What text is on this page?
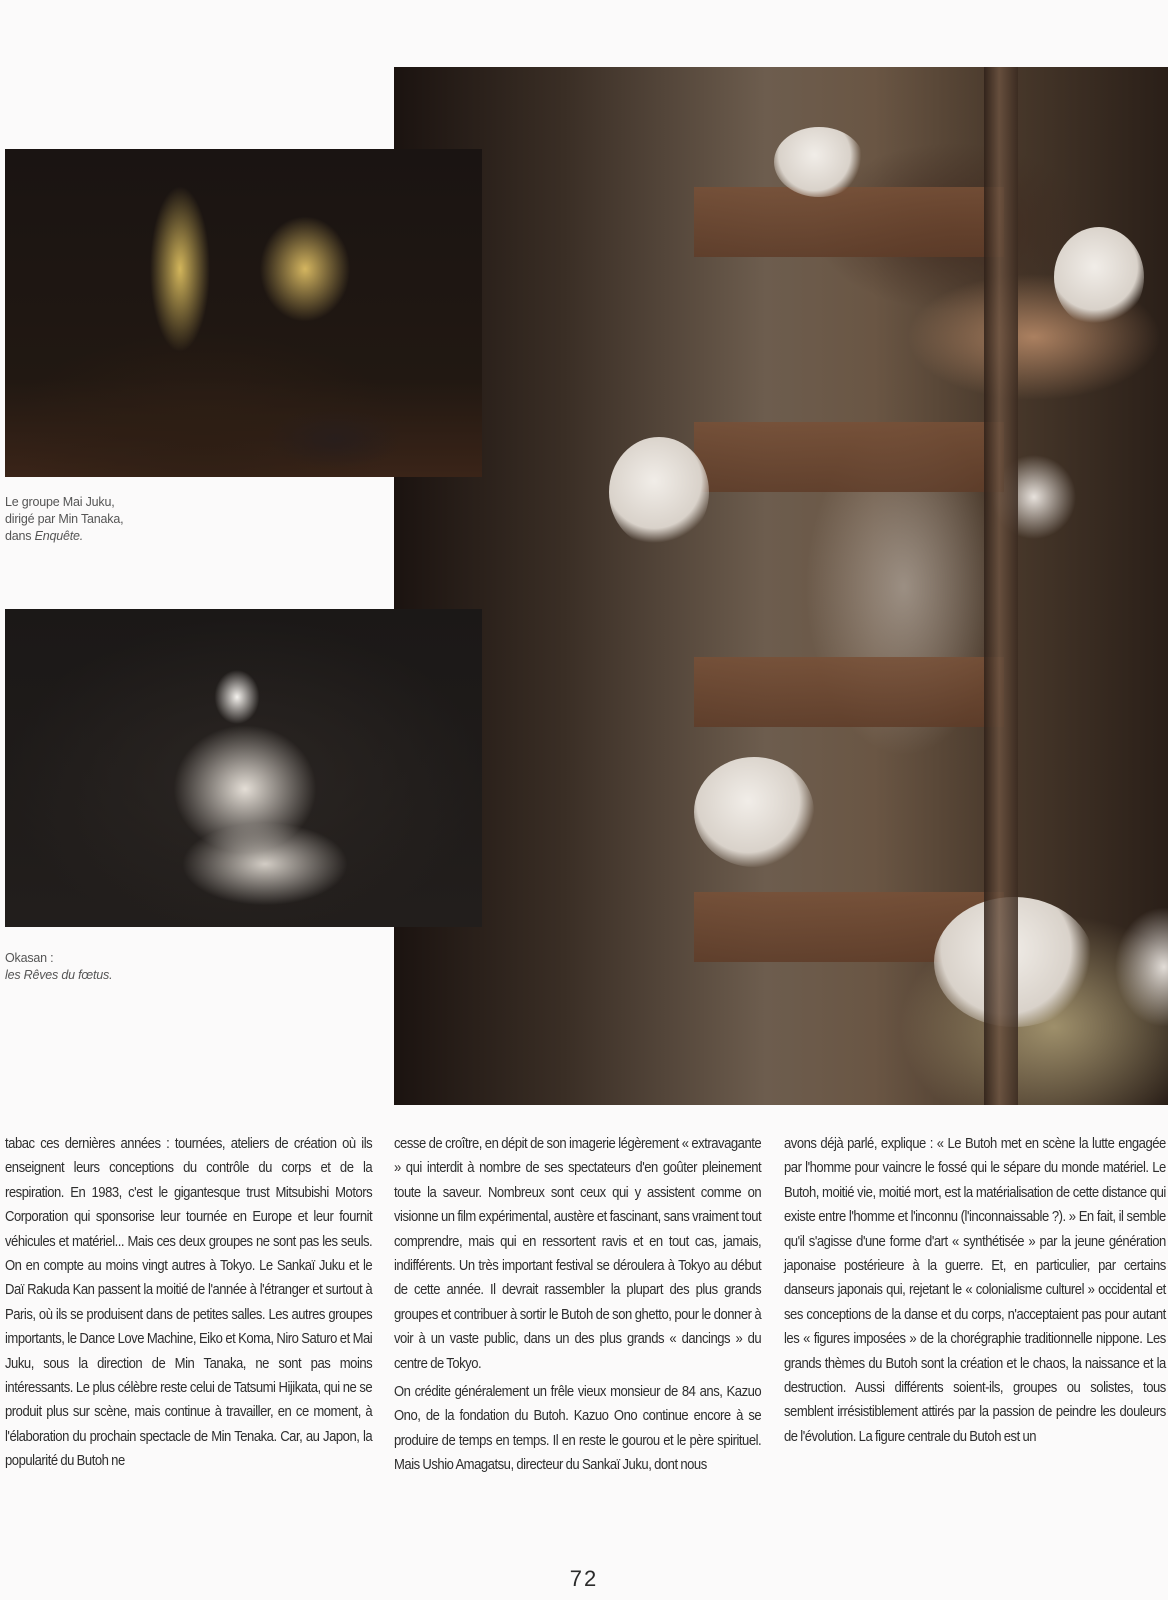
Le groupe Mai Juku,
dirigé par Min Tanaka,
dans Enquête.
Okasan :
les Rêves du fœtus.

tabac ces dernières années : tournées, ateliers de création où ils enseignent leurs conceptions du contrôle du corps et de la respiration. En 1983, c'est le gigantesque trust Mitsubishi Motors Corporation qui sponsorise leur tournée en Europe et leur fournit véhicules et matériel... Mais ces deux groupes ne sont pas les seuls. On en compte au moins vingt autres à Tokyo. Le Sankaï Juku et le Daï Rakuda Kan passent la moitié de l'année à l'étranger et surtout à Paris, où ils se produisent dans de petites salles. Les autres groupes importants, le Dance Love Machine, Eiko et Koma, Niro Saturo et Mai Juku, sous la direction de Min Tanaka, ne sont pas moins intéressants. Le plus célèbre reste celui de Tatsumi Hijikata, qui ne se produit plus sur scène, mais continue à travailler, en ce moment, à l'élaboration du prochain spectacle de Min Tenaka. Car, au Japon, la popularité du Butoh ne

cesse de croître, en dépit de son imagerie légèrement « extravagante » qui interdit à nombre de ses spectateurs d'en goûter pleinement toute la saveur. Nombreux sont ceux qui y assistent comme on visionne un film expérimental, austère et fascinant, sans vraiment tout comprendre, mais qui en ressortent ravis et en tout cas, jamais, indifférents. Un très important festival se déroulera à Tokyo au début de cette année. Il devrait rassembler la plupart des plus grands groupes et contribuer à sortir le Butoh de son ghetto, pour le donner à voir à un vaste public, dans un des plus grands « dancings » du centre de Tokyo.

On crédite généralement un frêle vieux monsieur de 84 ans, Kazuo Ono, de la fondation du Butoh. Kazuo Ono continue encore à se produire de temps en temps. Il en reste le gourou et le père spirituel. Mais Ushio Amagatsu, directeur du Sankaï Juku, dont nous

avons déjà parlé, explique : « Le Butoh met en scène la lutte engagée par l'homme pour vaincre le fossé qui le sépare du monde matériel. Le Butoh, moitié vie, moitié mort, est la matérialisation de cette distance qui existe entre l'homme et l'inconnu (l'inconnaissable ?). » En fait, il semble qu'il s'agisse d'une forme d'art « synthétisée » par la jeune génération japonaise postérieure à la guerre. Et, en particulier, par certains danseurs japonais qui, rejetant le « colonialisme culturel » occidental et ses conceptions de la danse et du corps, n'acceptaient pas pour autant les « figures imposées » de la chorégraphie traditionnelle nippone. Les grands thèmes du Butoh sont la création et le chaos, la naissance et la destruction. Aussi différents soient-ils, groupes ou solistes, tous semblent irrésistiblement attirés par la passion de peindre les douleurs de l'évolution. La figure centrale du Butoh est un

72
